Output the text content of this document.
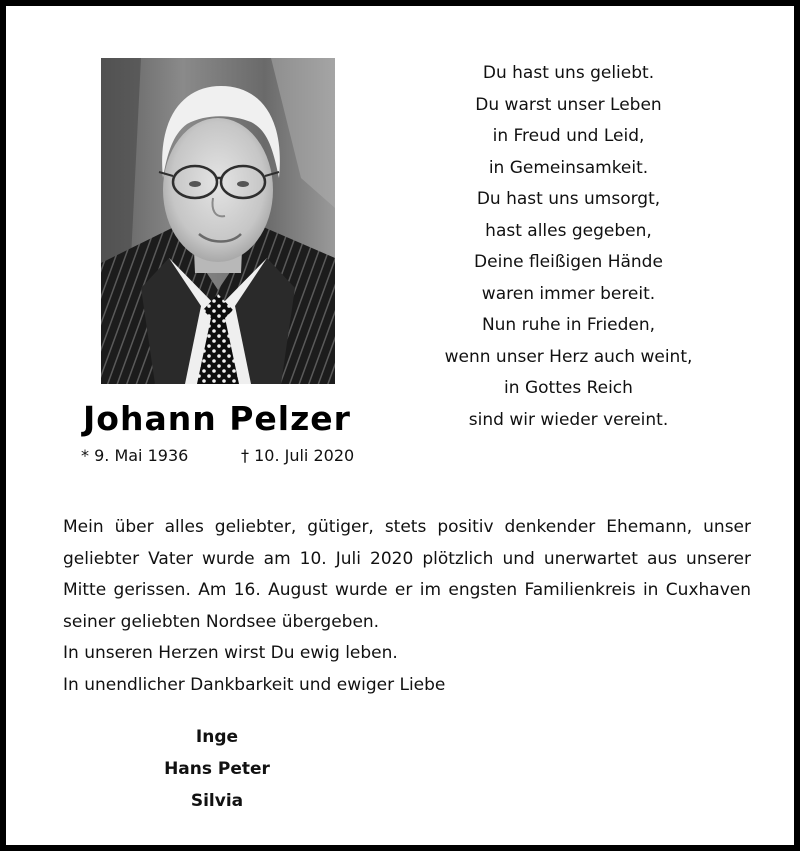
Johann Pelzer
* 9. Mai 1936	† 10. Juli 2020
Du hast uns geliebt.
Du warst unser Leben
in Freud und Leid,
in Gemeinsamkeit.
Du hast uns umsorgt,
hast alles gegeben,
Deine fleißigen Hände
waren immer bereit.
Nun ruhe in Frieden,
wenn unser Herz auch weint,
in Gottes Reich
sind wir wieder vereint.

Mein über alles geliebter, gütiger, stets positiv denkender Ehemann, unser geliebter Vater wurde am 10. Juli 2020 plötzlich und unerwartet aus unserer Mitte gerissen. Am 16. August wurde er im engsten Familienkreis in Cuxhaven seiner geliebten Nordsee übergeben.

In unseren Herzen wirst Du ewig leben.
In unendlicher Dankbarkeit und ewiger Liebe
Inge
Hans Peter
Silvia
